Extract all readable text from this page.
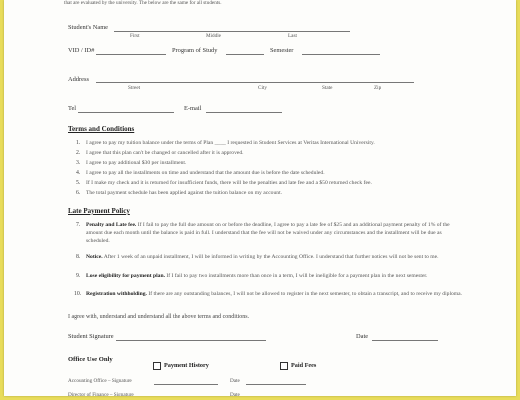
that are evaluated by the university. The below are the same for all students.
Student's Name
First	Middle	Last
VID / ID#	Program of Study	Semester
Address
Street	City	State	Zip
Tel	E-mail
Terms and Conditions
1. I agree to pay my tuition balance under the terms of Plan ____ I requested in Student Services at Veritas International University.
2. I agree that this plan can't be changed or cancelled after it is approved.
3. I agree to pay additional $30 per installment.
4. I agree to pay all the installments on time and understand that the amount due is before the date scheduled.
5. If I make my check and it is returned for insufficient funds, there will be the penalties and late fee and a $50 returned check fee.
6. The total payment schedule has been applied against the tuition balance on my account.
Late Payment Policy
7. Penalty and Late fee. If I fail to pay the full due amount on or before the deadline, I agree to pay a late fee of $25 and an additional payment penalty of 1% of the amount due each month until the balance is paid in full. I understand that the fee will not be waived under any circumstances and the installment will be due as scheduled.
8. Notice. After 1 week of an unpaid installment, I will be informed in writing by the Accounting Office. I understand that further notices will not be sent to me.
9. Lose eligibility for payment plan. If I fail to pay two installments more than once in a term, I will be ineligible for a payment plan in the next semester.
10. Registration withholding. If there are any outstanding balances, I will not be allowed to register in the next semester, to obtain a transcript, and to receive my diploma.
I agree with, understand and understand all the above terms and conditions.
Student Signature	Date
Office Use Only
Payment History	Paid Fees
Accounting Office – Signature	Date
Director of Finance – Signature	Date
